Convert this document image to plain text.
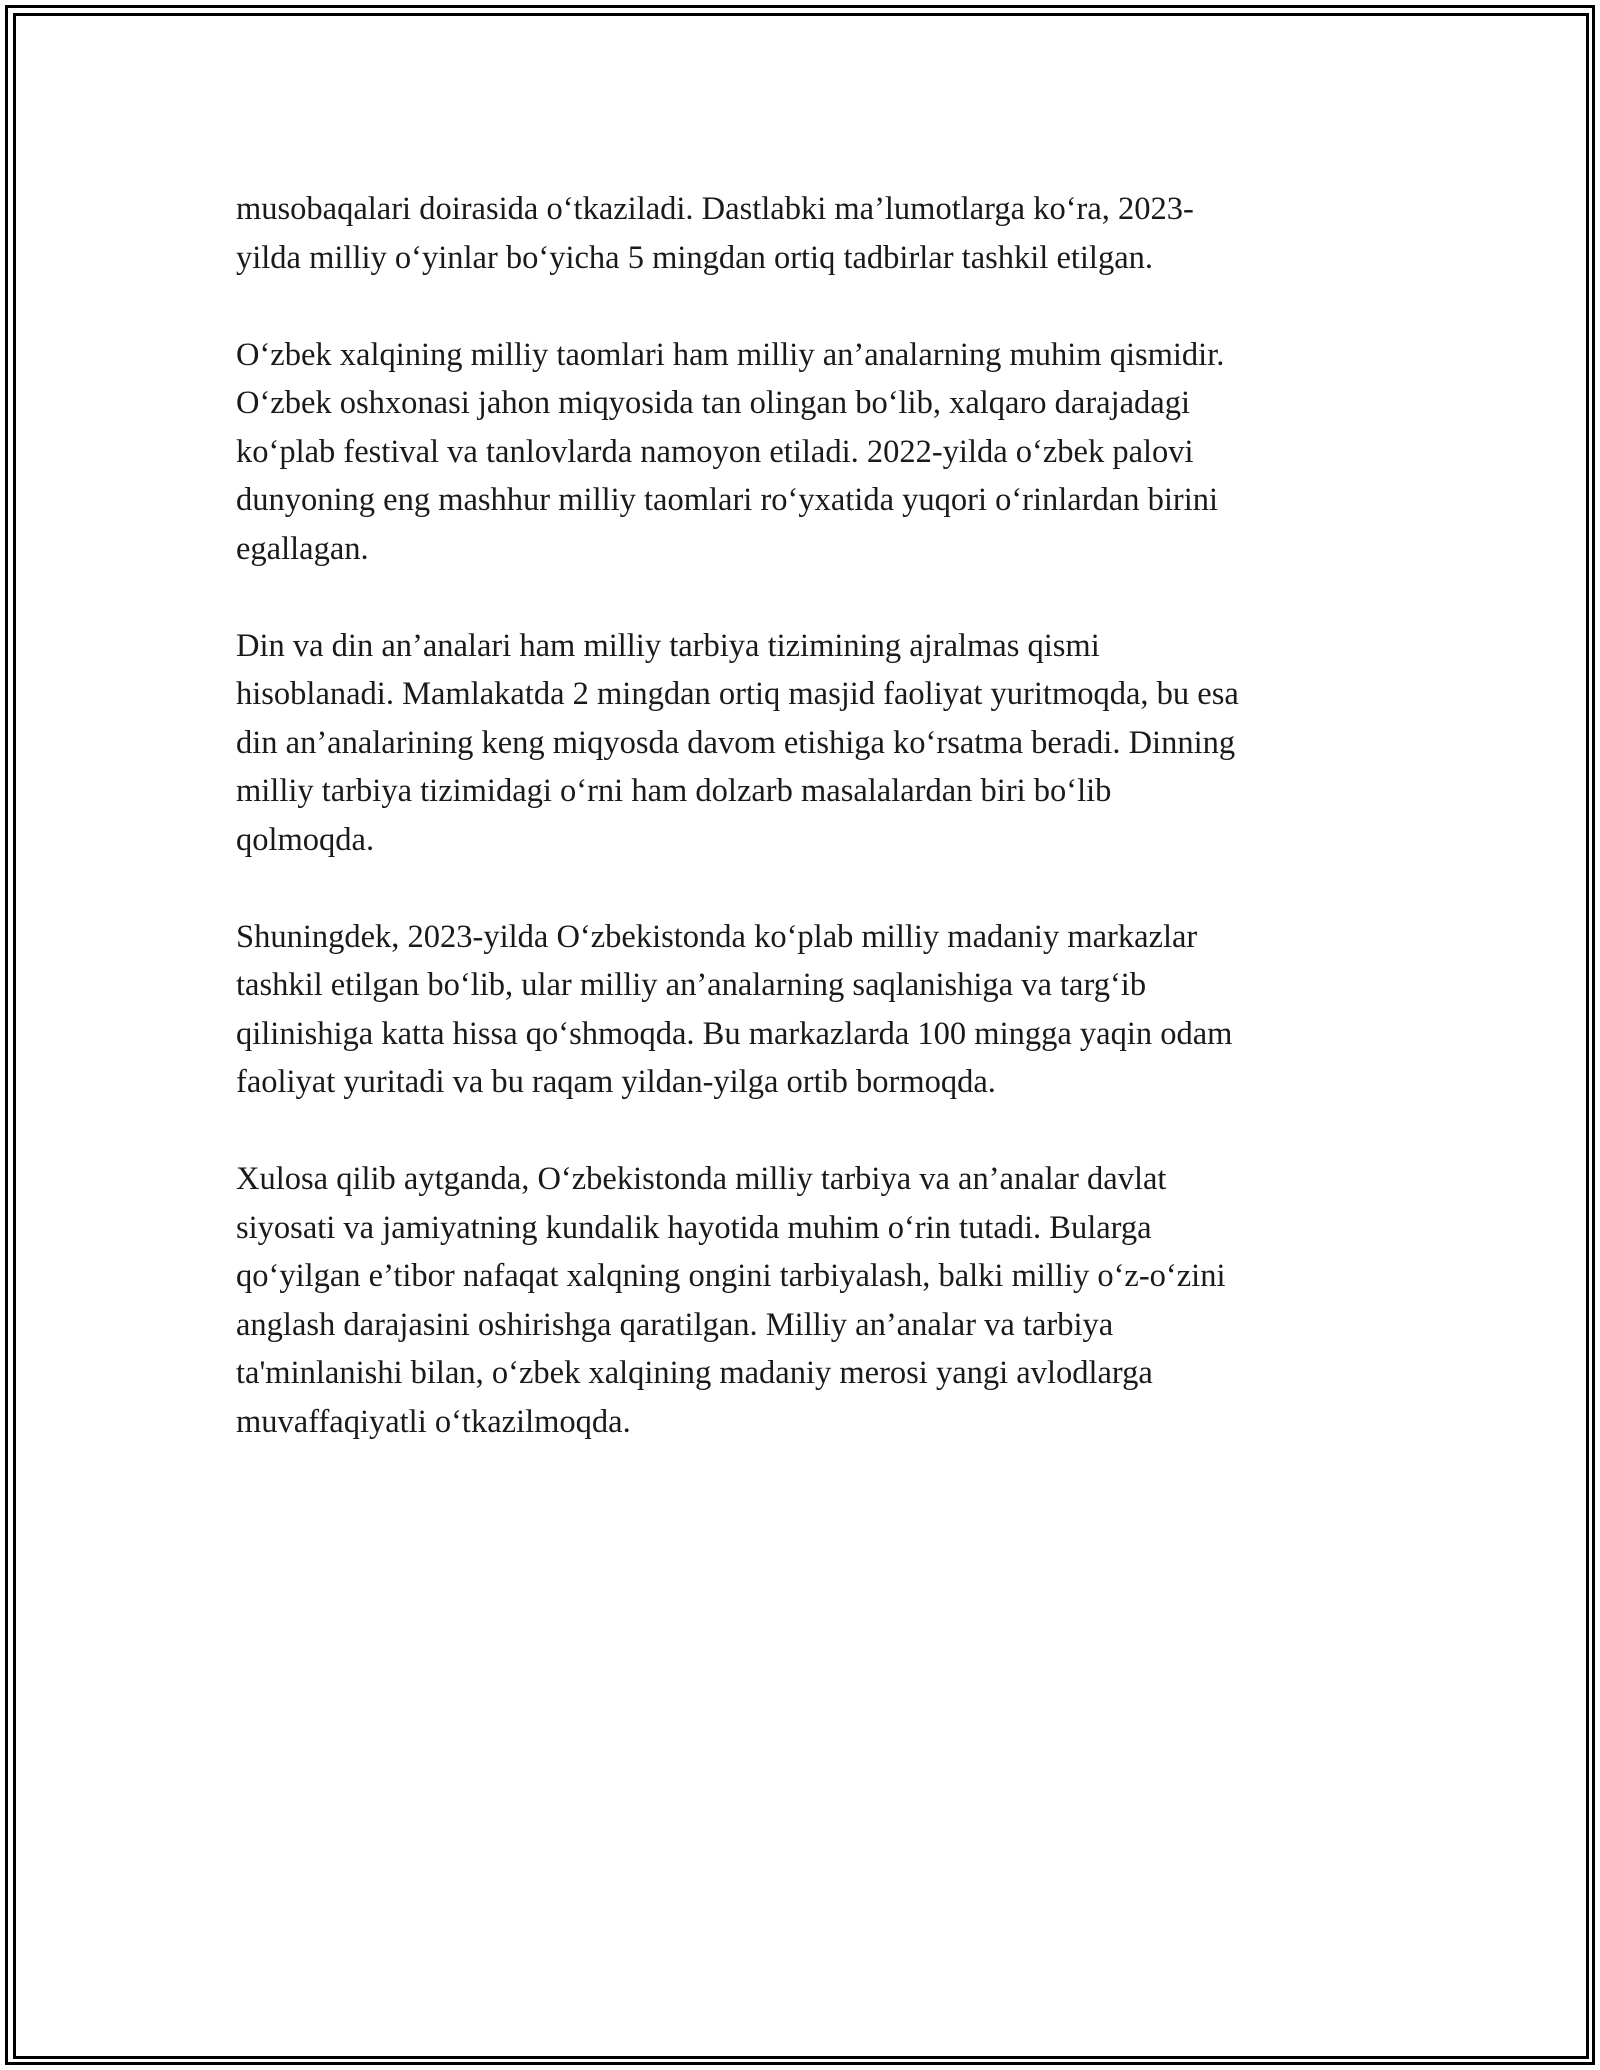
musobaqalari doirasida o‘tkaziladi. Dastlabki ma’lumotlarga ko‘ra, 2023-
yilda milliy o‘yinlar bo‘yicha 5 mingdan ortiq tadbirlar tashkil etilgan.

O‘zbek xalqining milliy taomlari ham milliy an’analarning muhim qismidir.
O‘zbek oshxonasi jahon miqyosida tan olingan bo‘lib, xalqaro darajadagi
ko‘plab festival va tanlovlarda namoyon etiladi. 2022-yilda o‘zbek palovi
dunyoning eng mashhur milliy taomlari ro‘yxatida yuqori o‘rinlardan birini
egallagan.

Din va din an’analari ham milliy tarbiya tizimining ajralmas qismi
hisoblanadi. Mamlakatda 2 mingdan ortiq masjid faoliyat yuritmoqda, bu esa
din an’analarining keng miqyosda davom etishiga ko‘rsatma beradi. Dinning
milliy tarbiya tizimidagi o‘rni ham dolzarb masalalardan biri bo‘lib
qolmoqda.

Shuningdek, 2023-yilda O‘zbekistonda ko‘plab milliy madaniy markazlar
tashkil etilgan bo‘lib, ular milliy an’analarning saqlanishiga va targ‘ib
qilinishiga katta hissa qo‘shmoqda. Bu markazlarda 100 mingga yaqin odam
faoliyat yuritadi va bu raqam yildan-yilga ortib bormoqda.

Xulosa qilib aytganda, O‘zbekistonda milliy tarbiya va an’analar davlat
siyosati va jamiyatning kundalik hayotida muhim o‘rin tutadi. Bularga
qo‘yilgan e’tibor nafaqat xalqning ongini tarbiyalash, balki milliy o‘z-o‘zini
anglash darajasini oshirishga qaratilgan. Milliy an’analar va tarbiya
ta'minlanishi bilan, o‘zbek xalqining madaniy merosi yangi avlodlarga
muvaffaqiyatli o‘tkazilmoqda.
